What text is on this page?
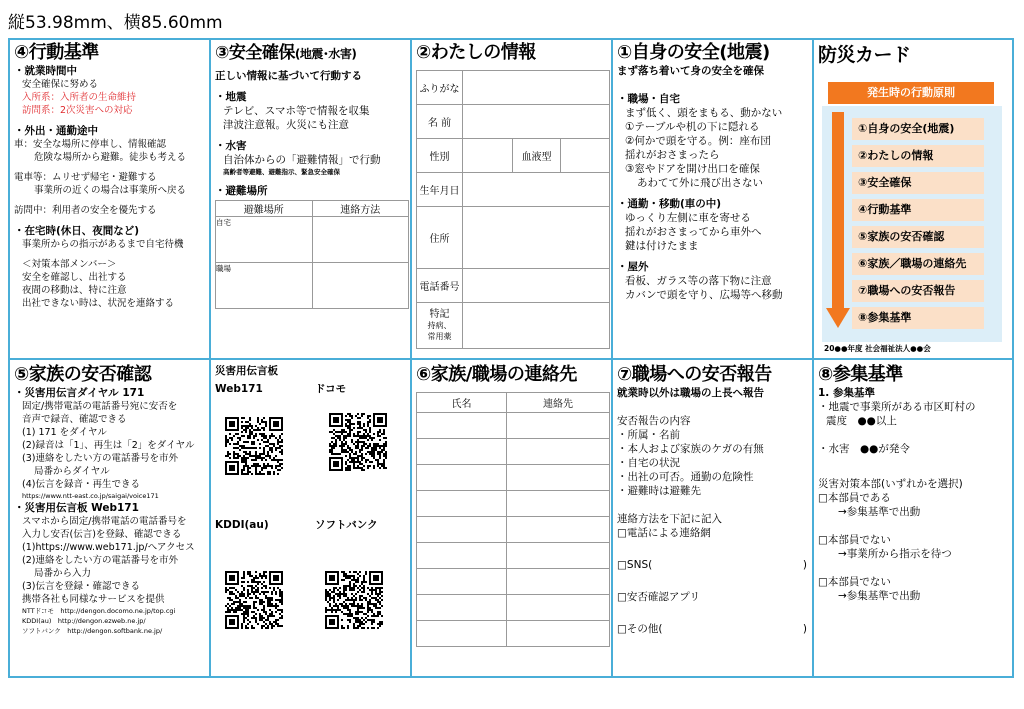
縦53.98mm、横85.60mm
④行動基準
・就業時間中
安全確保に努める
入所系：入所者の生命維持
訪問系：2次災害への対応
・外出・通勤途中
車：安全な場所に停車し、情報確認
危険な場所から避難。徒歩も考える
電車等：ムリせず帰宅・避難する
事業所の近くの場合は事業所へ戻る
訪問中：利用者の安全を優先する
・在宅時(休日、夜間など)
事業所からの指示があるまで自宅待機
＜対策本部メンバー＞
安全を確認し、出社する
夜間の移動は、特に注意
出社できない時は、状況を連絡する
③安全確保(地震･水害)
正しい情報に基づいて行動する
・地震
テレビ、スマホ等で情報を収集
津波注意報。火災にも注意
・水害
自治体からの「避難情報」で行動
高齢者等避難、避難指示、緊急安全確保
・避難場所
避難場所	連絡方法
自宅	
職場	
②わたしの情報
ふりがな			
名 前			
性別		血液型	
生年月日			
住所			
電話番号			

特記
持病、
常用薬			

①自身の安全(地震)
まず落ち着いて身の安全を確保
・職場・自宅
まず低く、頭をまもる、動かない
①テーブルや机の下に隠れる
②何かで頭を守る。例：座布団
揺れがおさまったら
③窓やドアを開け出口を確保
あわてて外に飛び出さない
・通勤・移動(車の中)
ゆっくり左側に車を寄せる
揺れがおさまってから車外へ
鍵は付けたまま
・屋外
看板、ガラス等の落下物に注意
カバンで頭を守り、広場等へ移動
防災カード
発生時の行動原則
①自身の安全(地震)
②わたしの情報
③安全確保
④行動基準
⑤家族の安否確認
⑥家族／職場の連絡先
⑦職場への安否報告
⑧参集基準
20●●年度 社会福祉法人●●会
⑤家族の安否確認
・災害用伝言ダイヤル 171
固定/携帯電話の電話番号宛に安否を
音声で録音、確認できる
(1) 171 をダイヤル
(2)録音は「1」、再生は「2」をダイヤル
(3)連絡をしたい方の電話番号を市外
局番からダイヤル
(4)伝言を録音・再生できる
https://www.ntt-east.co.jp/saigai/voice171
・災害用伝言板 Web171
スマホから固定/携帯電話の電話番号を
入力し安否(伝言)を登録、確認できる
(1)https://www.web171.jp/へアクセス
(2)連絡をしたい方の電話番号を市外
局番から入力
(3)伝言を登録・確認できる
携帯各社も同様なサービスを提供
NTTドコモ　http://dengon.docomo.ne.jp/top.cgi
KDDI(au)　http://dengon.ezweb.ne.jp/
ソフトバンク　http://dengon.softbank.ne.jp/
災害用伝言板
Web171	ドコモ
KDDI(au)	ソフトバンク
⑥家族/職場の連絡先
氏名	連絡先

⑦職場への安否報告
就業時以外は職場の上長へ報告
安否報告の内容
・所属・名前
・本人および家族のケガの有無
・自宅の状況
・出社の可否。通勤の危険性
・避難時は避難先
連絡方法を下記に記入
□電話による連絡網
□SNS(	)
□安否確認アプリ
□その他(	)
⑧参集基準
1. 参集基準
・地震で事業所がある市区町村の
震度　●●以上
・水害　●●が発令
災害対策本部(いずれかを選択)
□本部員である
→参集基準で出動
□本部員でない
→事業所から指示を待つ
□本部員でない
→参集基準で出動
